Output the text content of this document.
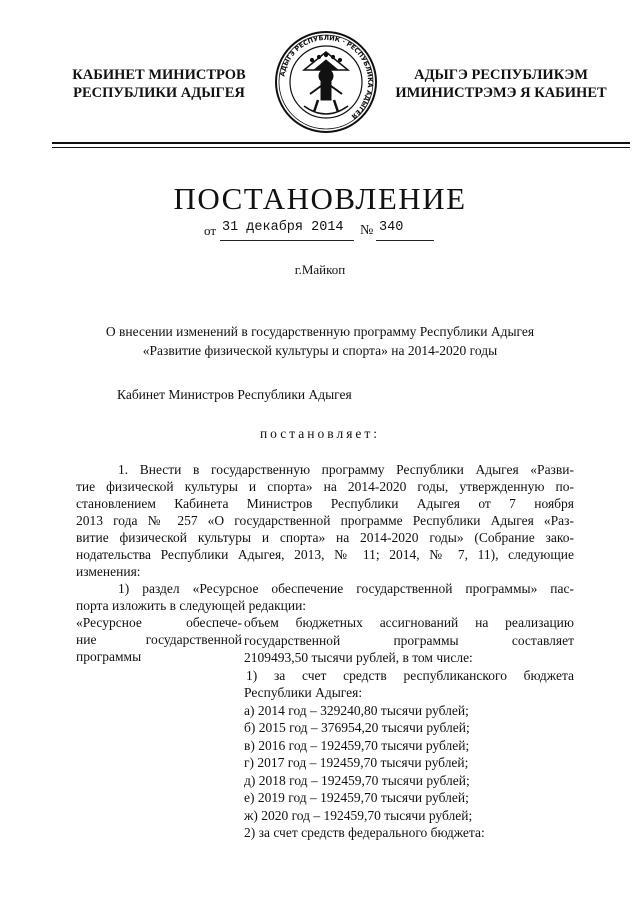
КАБИНЕТ МИНИСТРОВ
РЕСПУБЛИКИ АДЫГЕЯ
АДЫГЭ РЕСПУБЛИК · РЕСПУБЛИКА АДЫГЕЯ
АДЫГЭ РЕСПУБЛИКЭМ
ИМИНИСТРЭМЭ Я КАБИНЕТ
ПОСТАНОВЛЕНИЕ
от 31 декабря 2014 № 340
г.Майкоп
О внесении изменений в государственную программу Республики Адыгея
«Развитие физической культуры и спорта» на 2014-2020 годы
Кабинет Министров Республики Адыгея
постановляет:
1. Внести в государственную программу Республики Адыгея «Разви-
тие физической культуры и спорта» на 2014-2020 годы, утвержденную по-
становлением Кабинета Министров Республики Адыгея от 7 ноября
2013 года № 257 «О государственной программе Республики Адыгея «Раз-
витие физической культуры и спорта» на 2014-2020 годы» (Собрание зако-
нодательства Республики Адыгея, 2013, № 11; 2014, № 7, 11), следующие
изменения:
1) раздел «Ресурсное обеспечение государственной программы» пас-
порта изложить в следующей редакции:
«Ресурсное обеспече-
ние государственной
программы
объем бюджетных ассигнований на реализацию
государственной программы составляет
2109493,50 тысячи рублей, в том числе:
1) за счет средств республиканского бюджета
Республики Адыгея:
а) 2014 год – 329240,80 тысячи рублей;
б) 2015 год – 376954,20 тысячи рублей;
в) 2016 год – 192459,70 тысячи рублей;
г) 2017 год – 192459,70 тысячи рублей;
д) 2018 год – 192459,70 тысячи рублей;
е) 2019 год – 192459,70 тысячи рублей;
ж) 2020 год – 192459,70 тысячи рублей;
2) за счет средств федерального бюджета:
